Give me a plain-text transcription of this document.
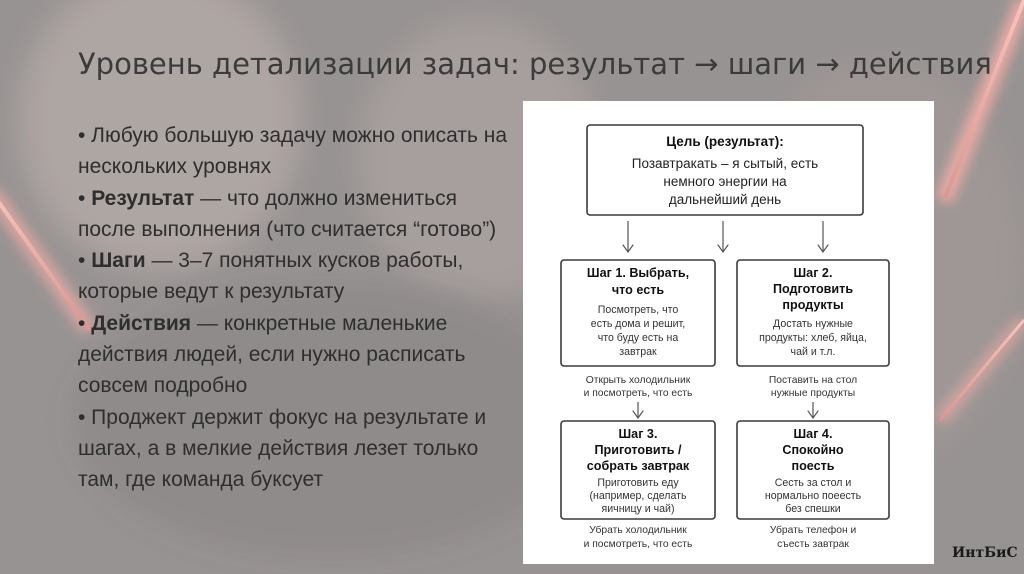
Уровень детализации задач: результат → шаги → действия
• Любую большую задачу можно описать на нескольких уровнях
• Результат — что должно измениться после выполнения (что считается “готово”)
• Шаги — 3–7 понятных кусков работы, которые ведут к результату
• Действия — конкретные маленькие действия людей, если нужно расписать совсем подробно
• Проджект держит фокус на результате и шагах, а в мелкие действия лезет только там, где команда буксует
Цель (результат):
Позавтракать – я сытый, есть
немного энергии на
дальнейший день
Шаг 1. Выбрать,
что есть
Посмотреть, что
есть дома и решит,
что буду есть на
завтрак
Шаг 2.
Подготовить
продукты
Достать нужные
продукты: хлеб, яйца,
чай и т.л.
Открыть холодильник
и посмотреть, что есть
Поставить на стол
нужные продукты
Шаг 3.
Приготовить /
собрать завтрак
Приготовить еду
(например, сделать
яичницу и чай)
Шаг 4.
Спокойно
поесть
Сесть за стол и
нормально поеесть
без спешки
Убрать холодильник
и посмотреть, что есть
Убрать телефон и
съесть завтрак
ИнтБиС
